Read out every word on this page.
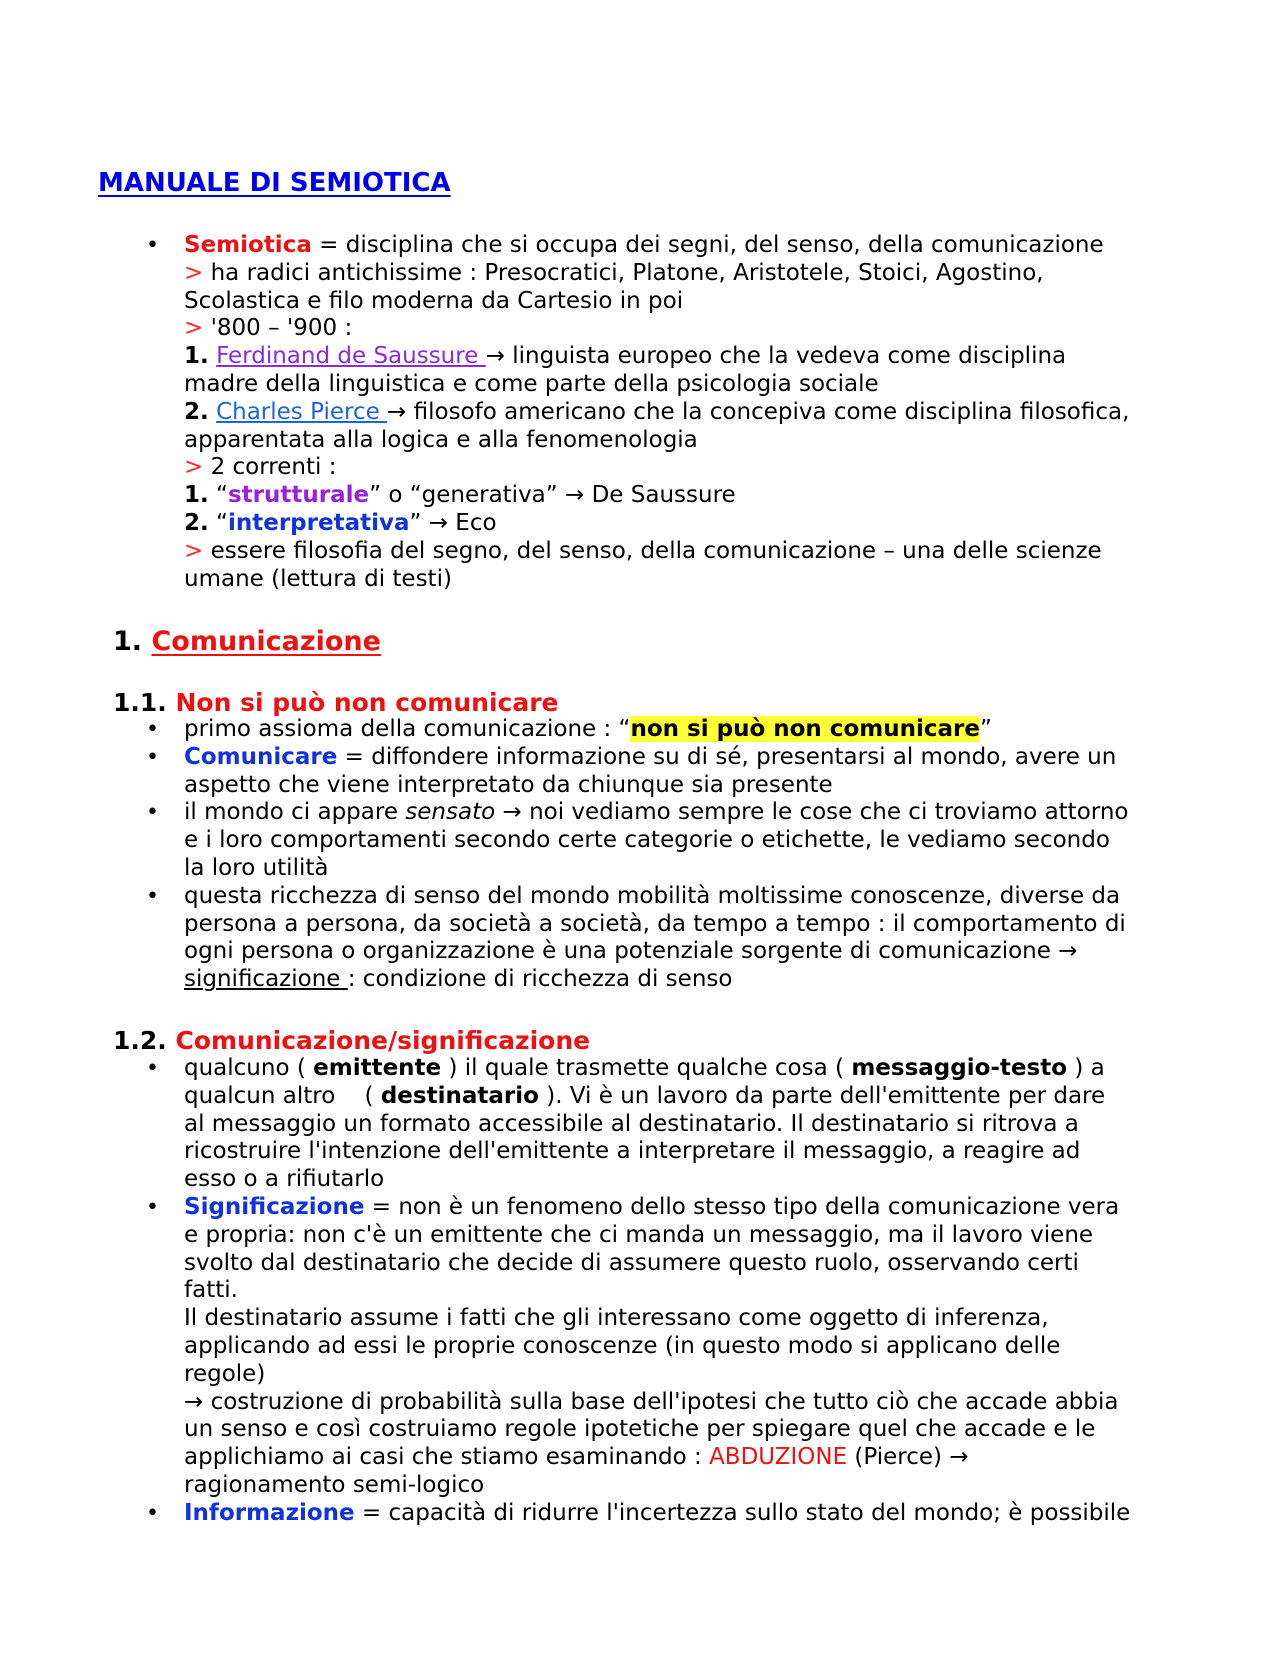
MANUALE DI SEMIOTICA
• Semiotica = disciplina che si occupa dei segni, del senso, della comunicazione
> ha radici antichissime : Presocratici, Platone, Aristotele, Stoici, Agostino,
Scolastica e filo moderna da Cartesio in poi
> '800 – '900 :
1. Ferdinand de Saussure → linguista europeo che la vedeva come disciplina
madre della linguistica e come parte della psicologia sociale
2. Charles Pierce → filosofo americano che la concepiva come disciplina filosofica,
apparentata alla logica e alla fenomenologia
> 2 correnti :
1. “strutturale” o “generativa” → De Saussure
2. “interpretativa” → Eco
> essere filosofia del segno, del senso, della comunicazione – una delle scienze
umane (lettura di testi)
1. Comunicazione
1.1. Non si può non comunicare
• primo assioma della comunicazione : “non si può non comunicare”
• Comunicare = diffondere informazione su di sé, presentarsi al mondo, avere un
aspetto che viene interpretato da chiunque sia presente
• il mondo ci appare sensato → noi vediamo sempre le cose che ci troviamo attorno
e i loro comportamenti secondo certe categorie o etichette, le vediamo secondo
la loro utilità
• questa ricchezza di senso del mondo mobilità moltissime conoscenze, diverse da
persona a persona, da società a società, da tempo a tempo : il comportamento di
ogni persona o organizzazione è una potenziale sorgente di comunicazione →
significazione : condizione di ricchezza di senso
1.2. Comunicazione/significazione
• qualcuno ( emittente ) il quale trasmette qualche cosa ( messaggio-testo ) a
qualcun altro    ( destinatario ). Vi è un lavoro da parte dell'emittente per dare
al messaggio un formato accessibile al destinatario. Il destinatario si ritrova a
ricostruire l'intenzione dell'emittente a interpretare il messaggio, a reagire ad
esso o a rifiutarlo
• Significazione = non è un fenomeno dello stesso tipo della comunicazione vera
e propria: non c'è un emittente che ci manda un messaggio, ma il lavoro viene
svolto dal destinatario che decide di assumere questo ruolo, osservando certi
fatti.
Il destinatario assume i fatti che gli interessano come oggetto di inferenza,
applicando ad essi le proprie conoscenze (in questo modo si applicano delle
regole)
→ costruzione di probabilità sulla base dell'ipotesi che tutto ciò che accade abbia
un senso e così costruiamo regole ipotetiche per spiegare quel che accade e le
applichiamo ai casi che stiamo esaminando : ABDUZIONE (Pierce) →
ragionamento semi-logico
• Informazione = capacità di ridurre l'incertezza sullo stato del mondo; è possibile
